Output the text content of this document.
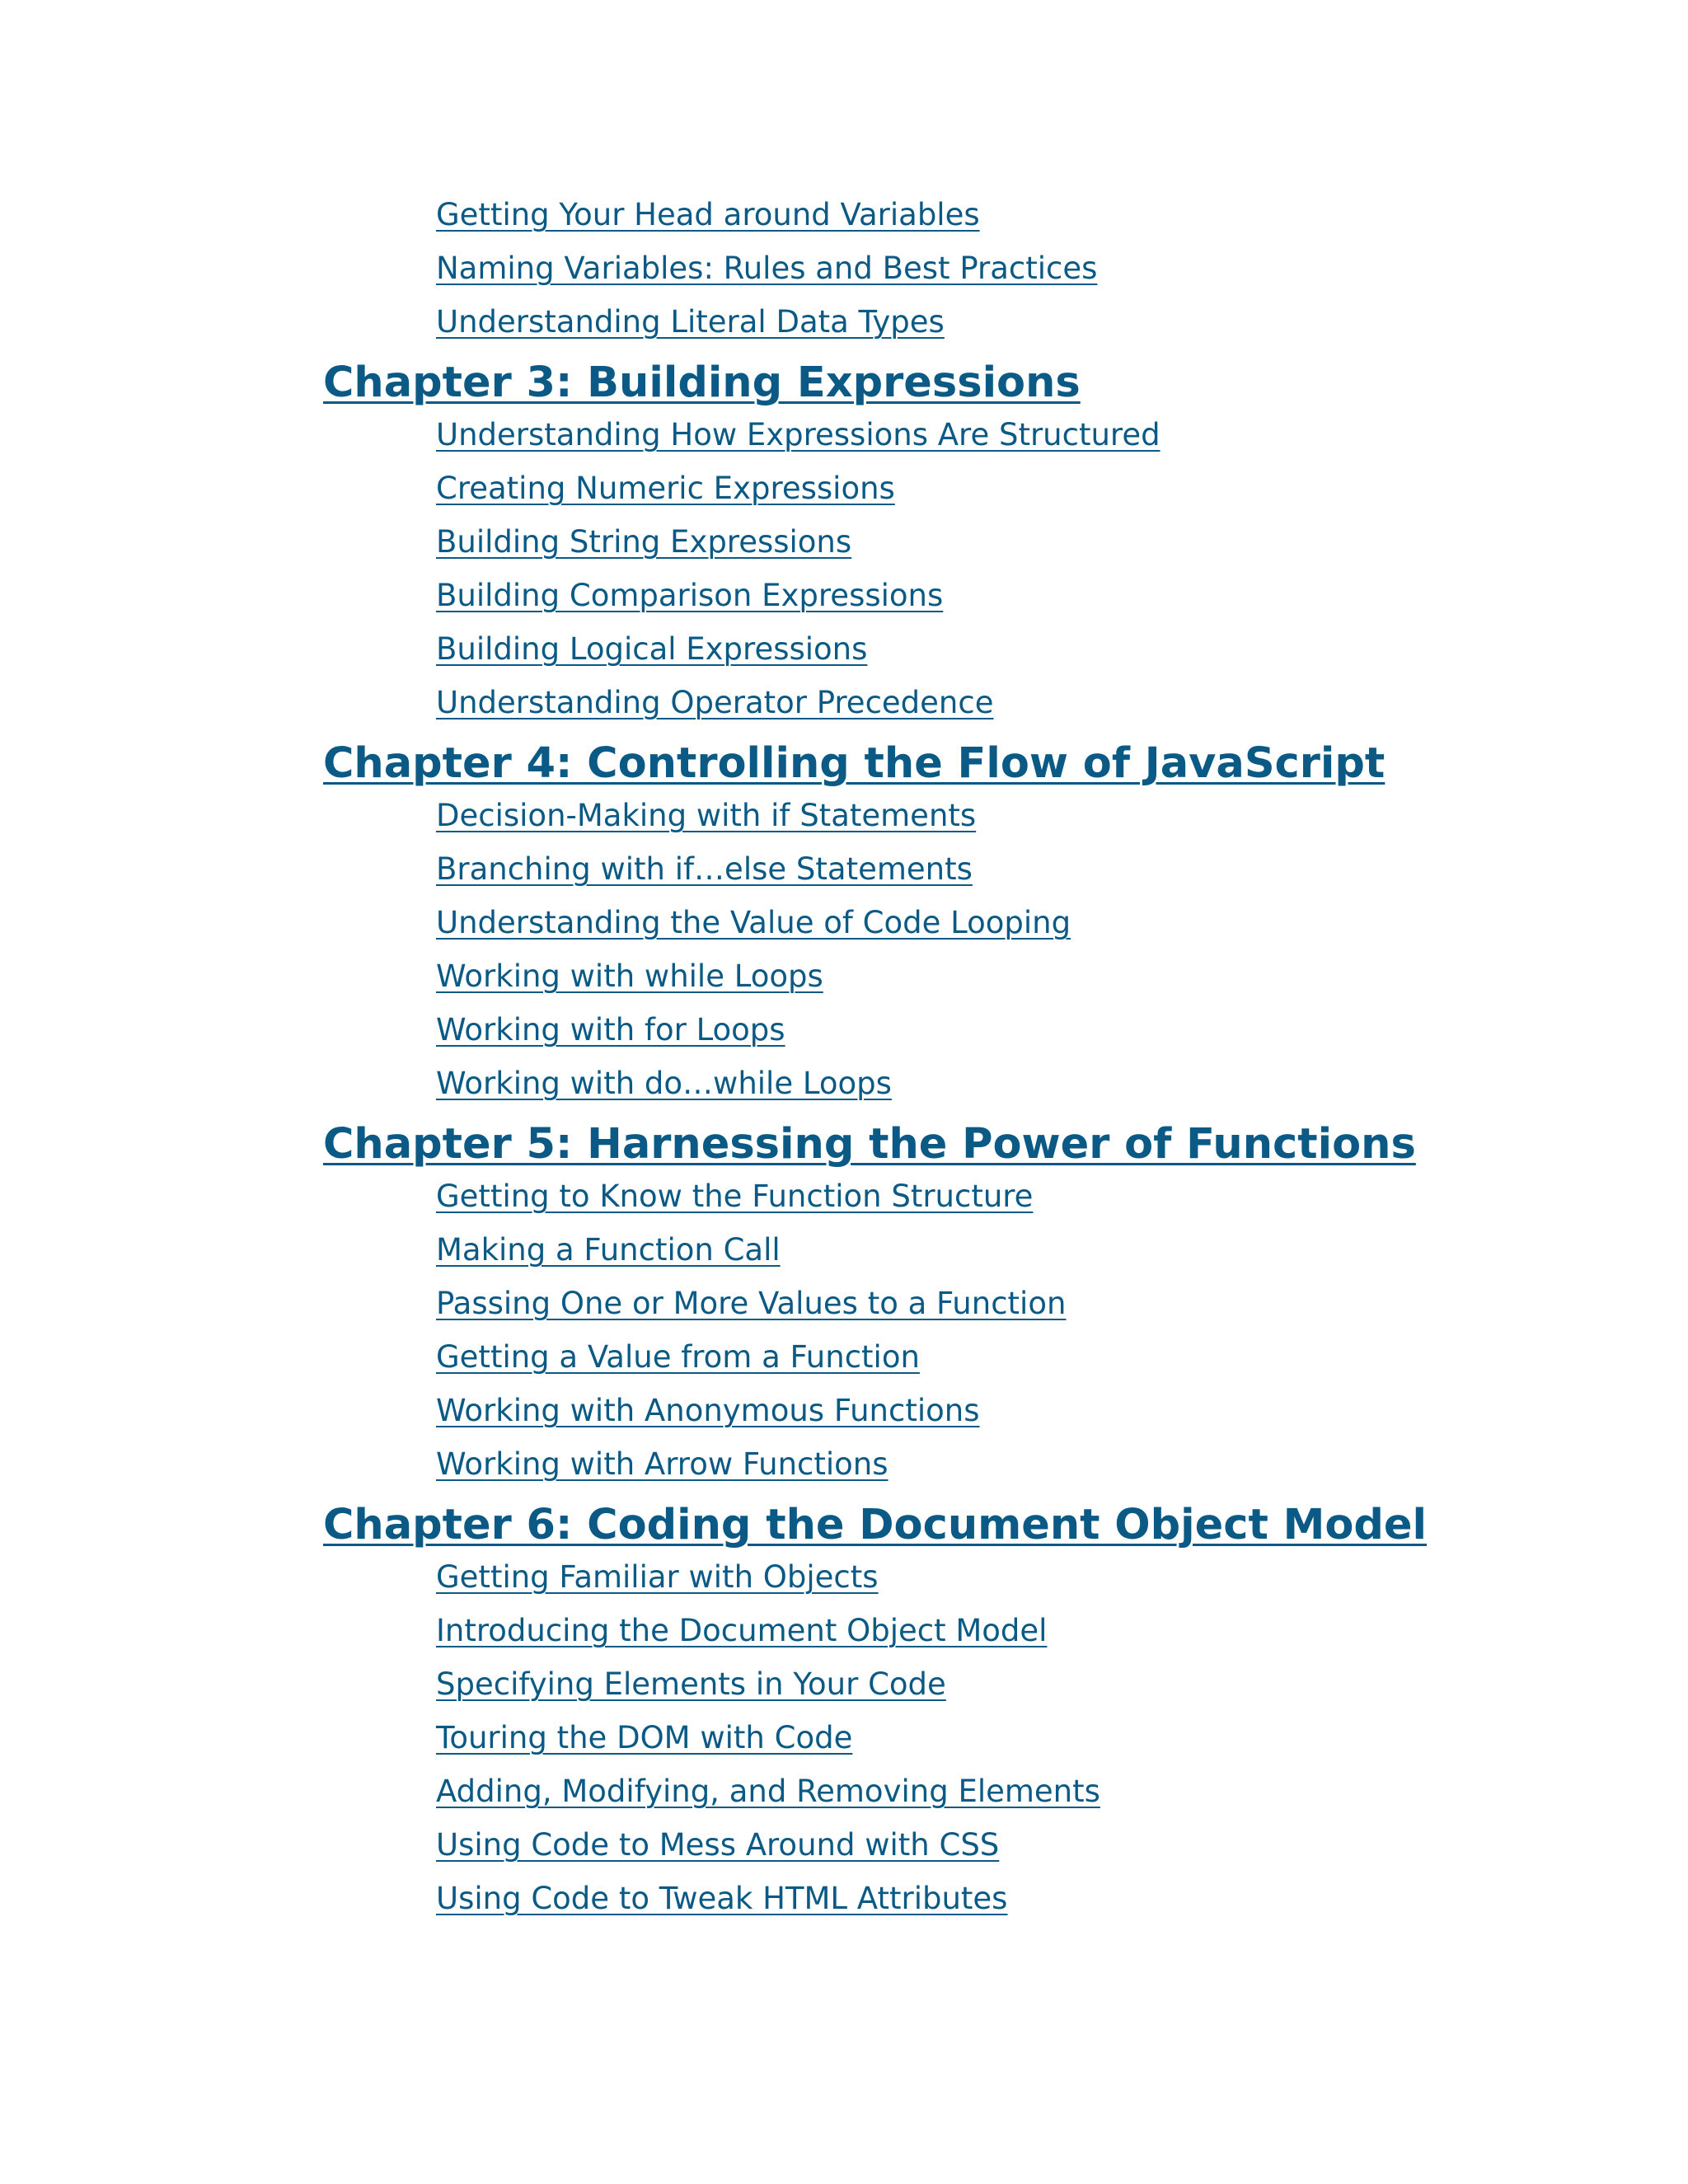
Getting Your Head around Variables
Naming Variables: Rules and Best Practices
Understanding Literal Data Types
Chapter 3: Building Expressions
Understanding How Expressions Are Structured
Creating Numeric Expressions
Building String Expressions
Building Comparison Expressions
Building Logical Expressions
Understanding Operator Precedence
Chapter 4: Controlling the Flow of JavaScript
Decision-Making with if Statements
Branching with if…else Statements
Understanding the Value of Code Looping
Working with while Loops
Working with for Loops
Working with do…while Loops
Chapter 5: Harnessing the Power of Functions
Getting to Know the Function Structure
Making a Function Call
Passing One or More Values to a Function
Getting a Value from a Function
Working with Anonymous Functions
Working with Arrow Functions
Chapter 6: Coding the Document Object Model
Getting Familiar with Objects
Introducing the Document Object Model
Specifying Elements in Your Code
Touring the DOM with Code
Adding, Modifying, and Removing Elements
Using Code to Mess Around with CSS
Using Code to Tweak HTML Attributes
